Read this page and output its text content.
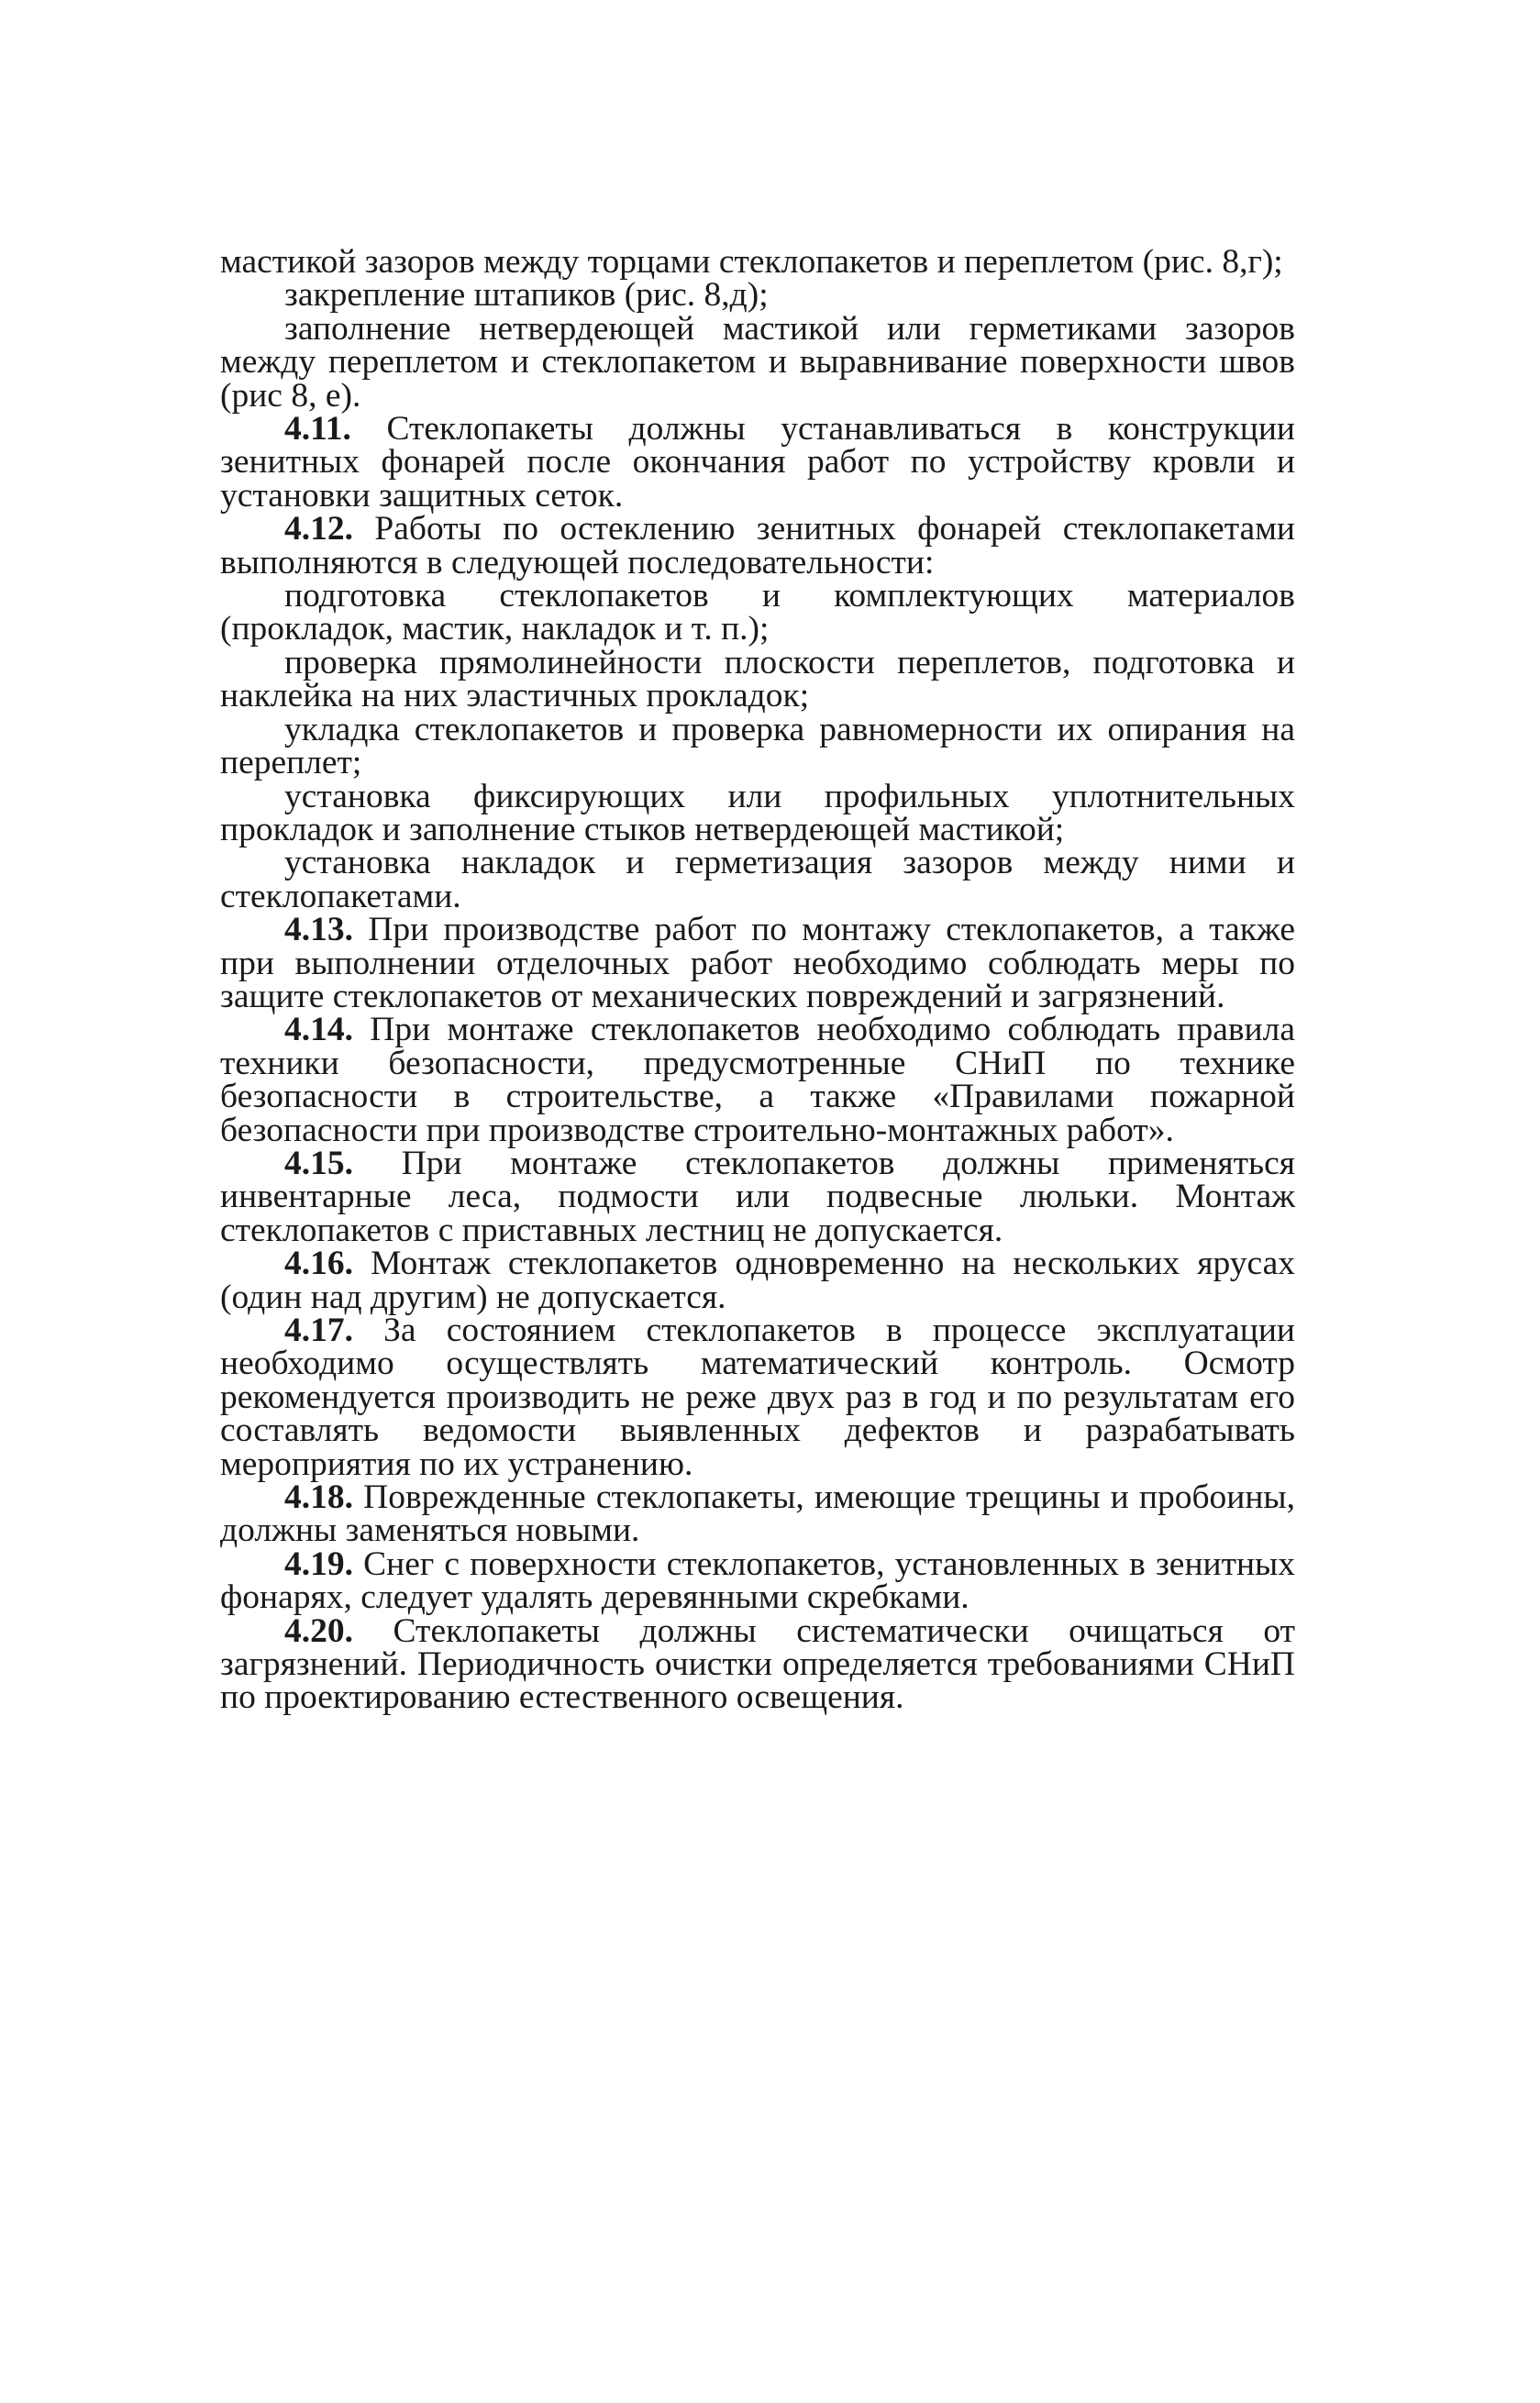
мастикой зазоров между торцами стеклопакетов и переплетом (рис. 8,г);

закрепление штапиков (рис. 8,д);

заполнение нетвердеющей мастикой или герметиками зазоров между переплетом и стеклопакетом и выравнивание поверхности швов (рис 8, е).

4.11. Стеклопакеты должны устанавливаться в конструкции зенитных фонарей после окончания работ по устройству кровли и установки защитных сеток.

4.12. Работы по остеклению зенитных фонарей стеклопакетами выполняются в следующей последовательности:

подготовка стеклопакетов и комплектующих материалов (прокладок, мастик, накладок и т. п.);

проверка прямолинейности плоскости переплетов, подготовка и наклейка на них эластичных прокладок;

укладка стеклопакетов и проверка равномерности их опирания на переплет;

установка фиксирующих или профильных уплотнительных прокладок и заполнение стыков нетвердеющей мастикой;

установка накладок и герметизация зазоров между ними и стеклопакетами.

4.13. При производстве работ по монтажу стеклопакетов, а также при выполнении отделочных работ необходимо соблюдать меры по защите стеклопакетов от механических повреждений и загрязнений.

4.14. При монтаже стеклопакетов необходимо соблюдать правила техники безопасности, предусмотренные СНиП по технике безопасности в строительстве, а также «Правилами пожарной безопасности при производстве строительно-монтажных работ».

4.15. При монтаже стеклопакетов должны применяться инвентарные леса, подмости или подвесные люльки. Монтаж стеклопакетов с приставных лестниц не допускается.

4.16. Монтаж стеклопакетов одновременно на нескольких ярусах (один над другим) не допускается.

4.17. За состоянием стеклопакетов в процессе эксплуатации необходимо осуществлять математический контроль. Осмотр рекомендуется производить не реже двух раз в год и по результатам его составлять ведомости выявленных дефектов и разрабатывать мероприятия по их устранению.

4.18. Поврежденные стеклопакеты, имеющие трещины и пробоины, должны заменяться новыми.

4.19. Снег с поверхности стеклопакетов, установленных в зенитных фонарях, следует удалять деревянными скребками.

4.20. Стеклопакеты должны систематически очищаться от загрязнений. Периодичность очистки определяется требованиями СНиП по проектированию естественного освещения.
